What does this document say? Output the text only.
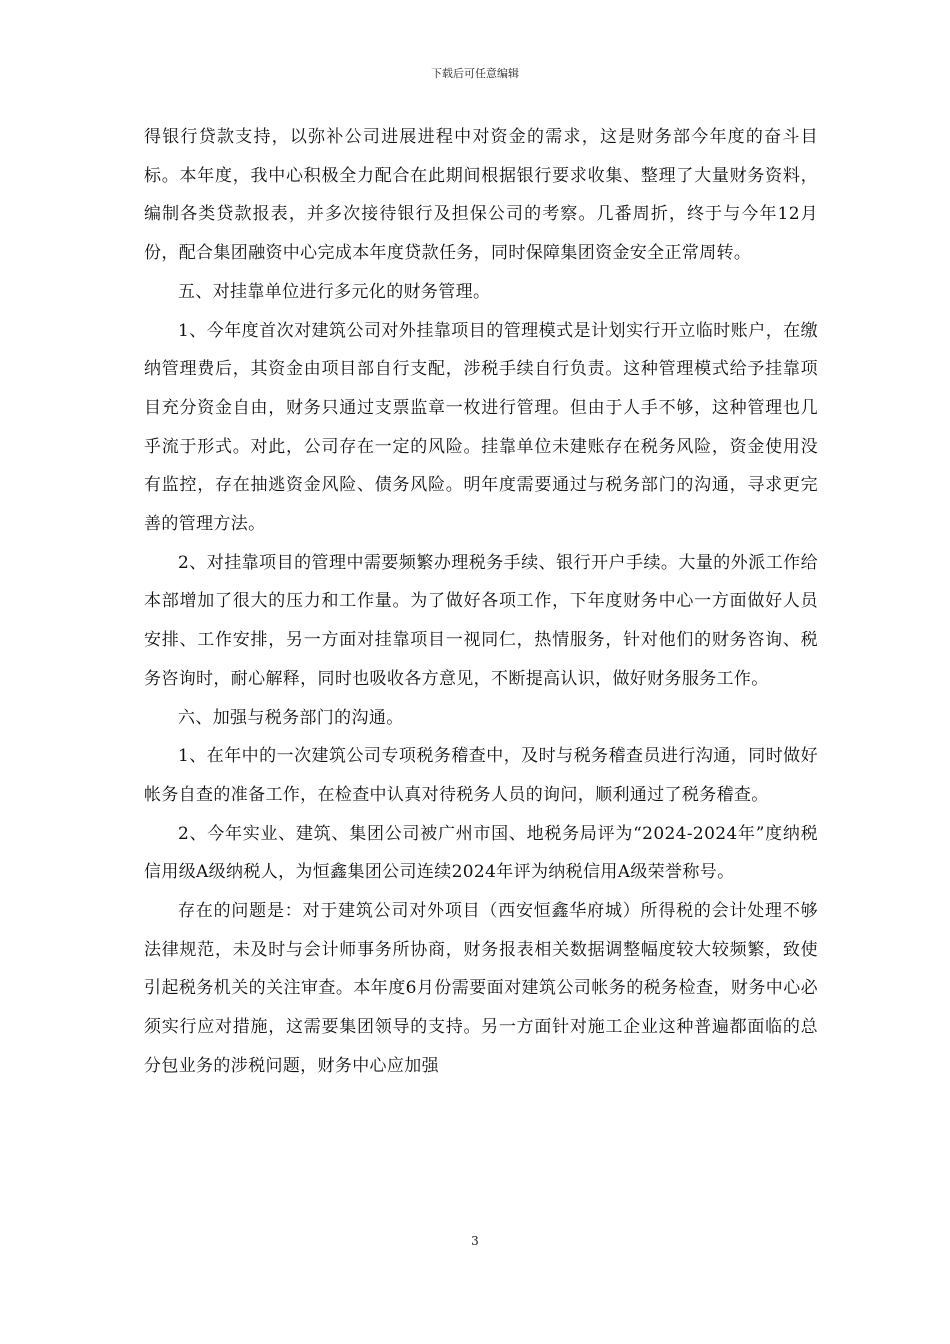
下载后可任意编辑

得银行贷款支持，以弥补公司进展进程中对资金的需求，这是财务部今年度的奋斗目标。本年度，我中心积极全力配合在此期间根据银行要求收集、整理了大量财务资料，编制各类贷款报表，并多次接待银行及担保公司的考察。几番周折，终于与今年12月份，配合集团融资中心完成本年度贷款任务，同时保障集团资金安全正常周转。

五、对挂靠单位进行多元化的财务管理。

1、今年度首次对建筑公司对外挂靠项目的管理模式是计划实行开立临时账户，在缴纳管理费后，其资金由项目部自行支配，涉税手续自行负责。这种管理模式给予挂靠项目充分资金自由，财务只通过支票监章一枚进行管理。但由于人手不够，这种管理也几乎流于形式。对此，公司存在一定的风险。挂靠单位未建账存在税务风险，资金使用没有监控，存在抽逃资金风险、债务风险。明年度需要通过与税务部门的沟通，寻求更完善的管理方法。

2、对挂靠项目的管理中需要频繁办理税务手续、银行开户手续。大量的外派工作给本部增加了很大的压力和工作量。为了做好各项工作，下年度财务中心一方面做好人员安排、工作安排，另一方面对挂靠项目一视同仁，热情服务，针对他们的财务咨询、税务咨询时，耐心解释，同时也吸收各方意见，不断提高认识，做好财务服务工作。

六、加强与税务部门的沟通。

1、在年中的一次建筑公司专项税务稽查中，及时与税务稽查员进行沟通，同时做好帐务自查的准备工作，在检查中认真对待税务人员的询问，顺利通过了税务稽查。

2、今年实业、建筑、集团公司被广州市国、地税务局评为“2024-2024年”度纳税信用级A级纳税人，为恒鑫集团公司连续2024年评为纳税信用A级荣誉称号。

存在的问题是：对于建筑公司对外项目（西安恒鑫华府城）所得税的会计处理不够法律规范，未及时与会计师事务所协商，财务报表相关数据调整幅度较大较频繁，致使引起税务机关的关注审查。本年度6月份需要面对建筑公司帐务的税务检查，财务中心必须实行应对措施，这需要集团领导的支持。另一方面针对施工企业这种普遍都面临的总分包业务的涉税问题，财务中心应加强

3
